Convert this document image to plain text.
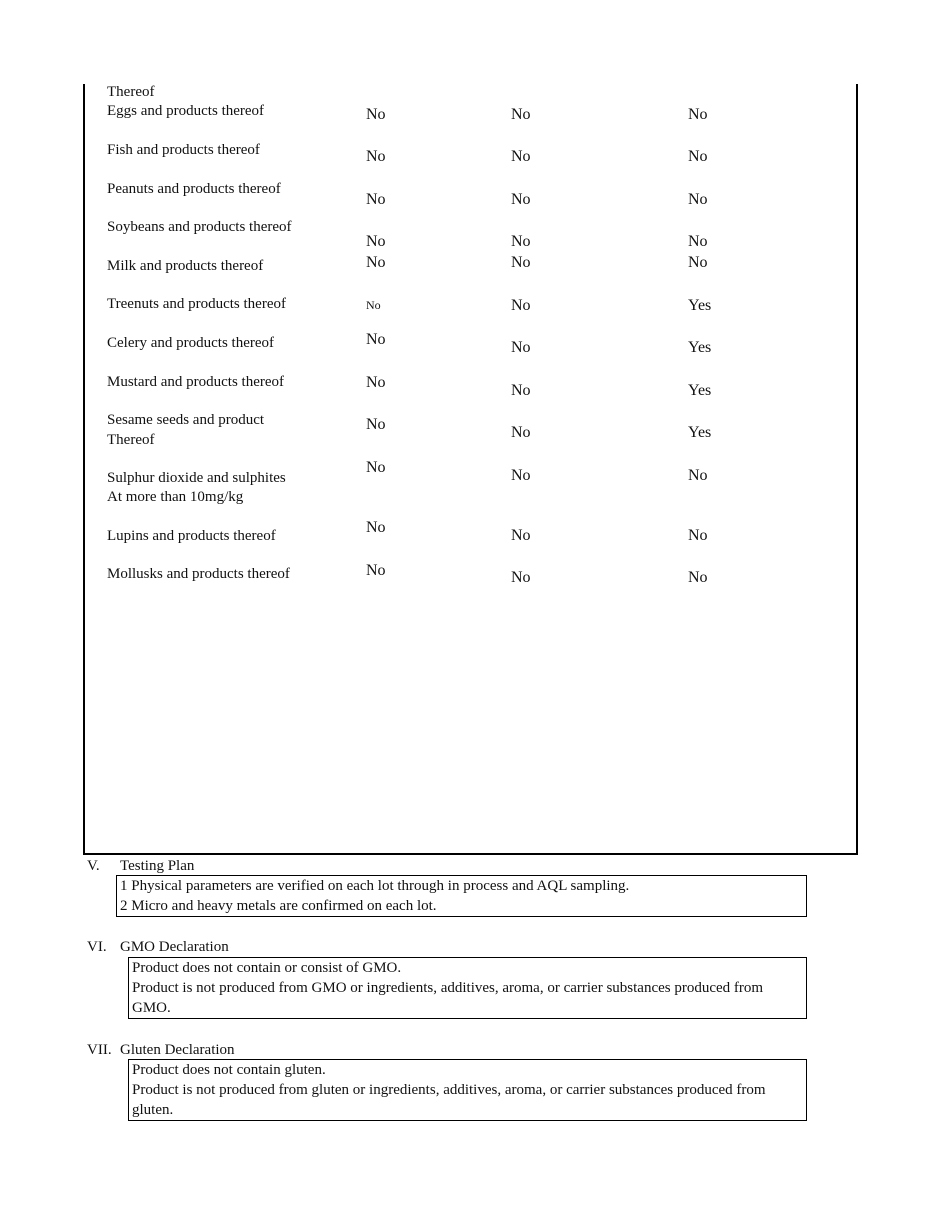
Thereof
Eggs and products thereof	No	No	No
Fish and products thereof	No	No	No
Peanuts and products thereof
No	No	No
Soybeans and products thereof
No	No	No
Milk and products thereof	No	No	No
Treenuts and products thereof	No	No	Yes
Celery and products thereof	No	No	Yes
Mustard and products thereof	No	No	Yes
Sesame seeds and product
Thereof
No	No	Yes
Sulphur dioxide and sulphites
At more than 10mg/kg
No	No	No
Lupins and products thereof	No	No	No
Mollusks and products thereof	No	No	No
V. Testing Plan
1 Physical parameters are verified on each lot through in process and AQL sampling.
2 Micro and heavy metals are confirmed on each lot.
VI. GMO Declaration
Product does not contain or consist of GMO.
Product is not produced from GMO or ingredients, additives, aroma, or carrier substances produced from GMO.
VII. Gluten Declaration
Product does not contain gluten.
Product is not produced from gluten or ingredients, additives, aroma, or carrier substances produced from gluten.
